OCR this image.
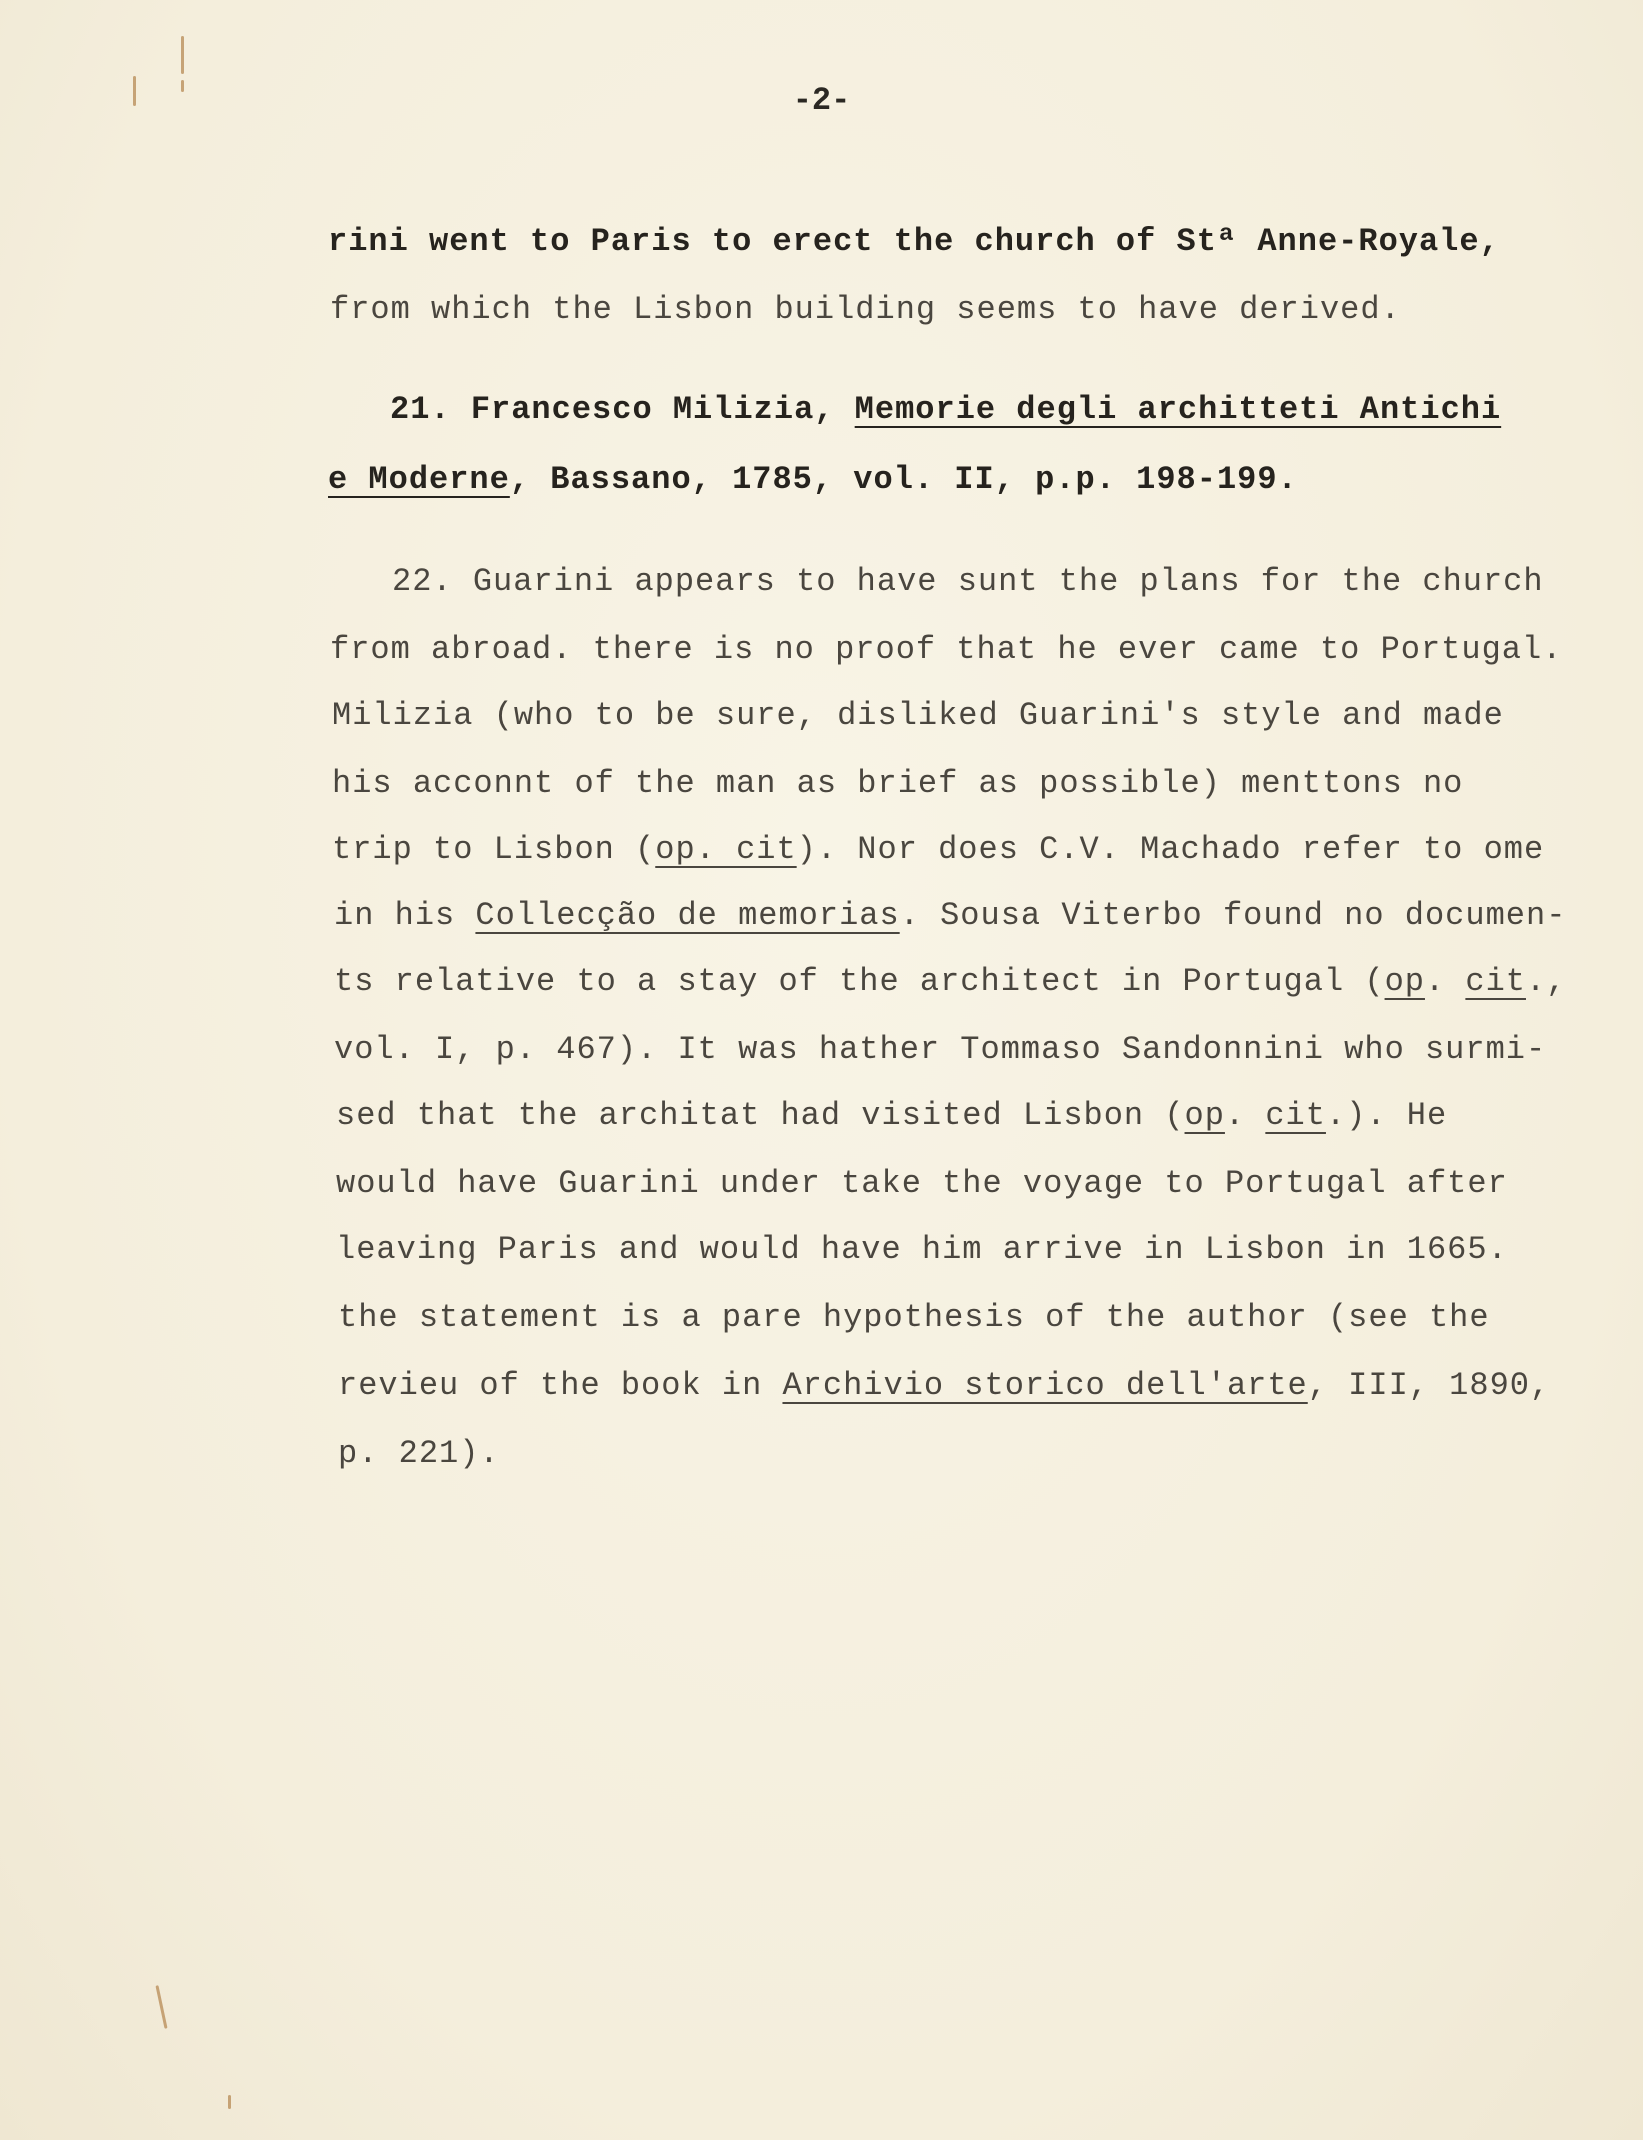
-2-
rini went to Paris to erect the church of Stª Anne-Royale,
from which the Lisbon building seems to have derived.
21. Francesco Milizia, Memorie degli architteti Antichi
e Moderne, Bassano, 1785, vol. II, p.p. 198-199.
22. Guarini appears to have sunt the plans for the church
from abroad. there is no proof that he ever came to Portugal.
Milizia (who to be sure, disliked Guarini's style and made
his acconnt of the man as brief as possible) menttons no
trip to Lisbon (op. cit). Nor does C.V. Machado refer to ome
in his Collecção de memorias. Sousa Viterbo found no documen-
ts relative to a stay of the architect in Portugal (op. cit.,
vol. I, p. 467). It was hather Tommaso Sandonnini who surmi-
sed that the architat had visited Lisbon (op. cit.). He
would have Guarini under take the voyage to Portugal after
leaving Paris and would have him arrive in Lisbon in 1665.
the statement is a pare hypothesis of the author (see the
revieu of the book in Archivio storico dell'arte, III, 1890,
p. 221).
